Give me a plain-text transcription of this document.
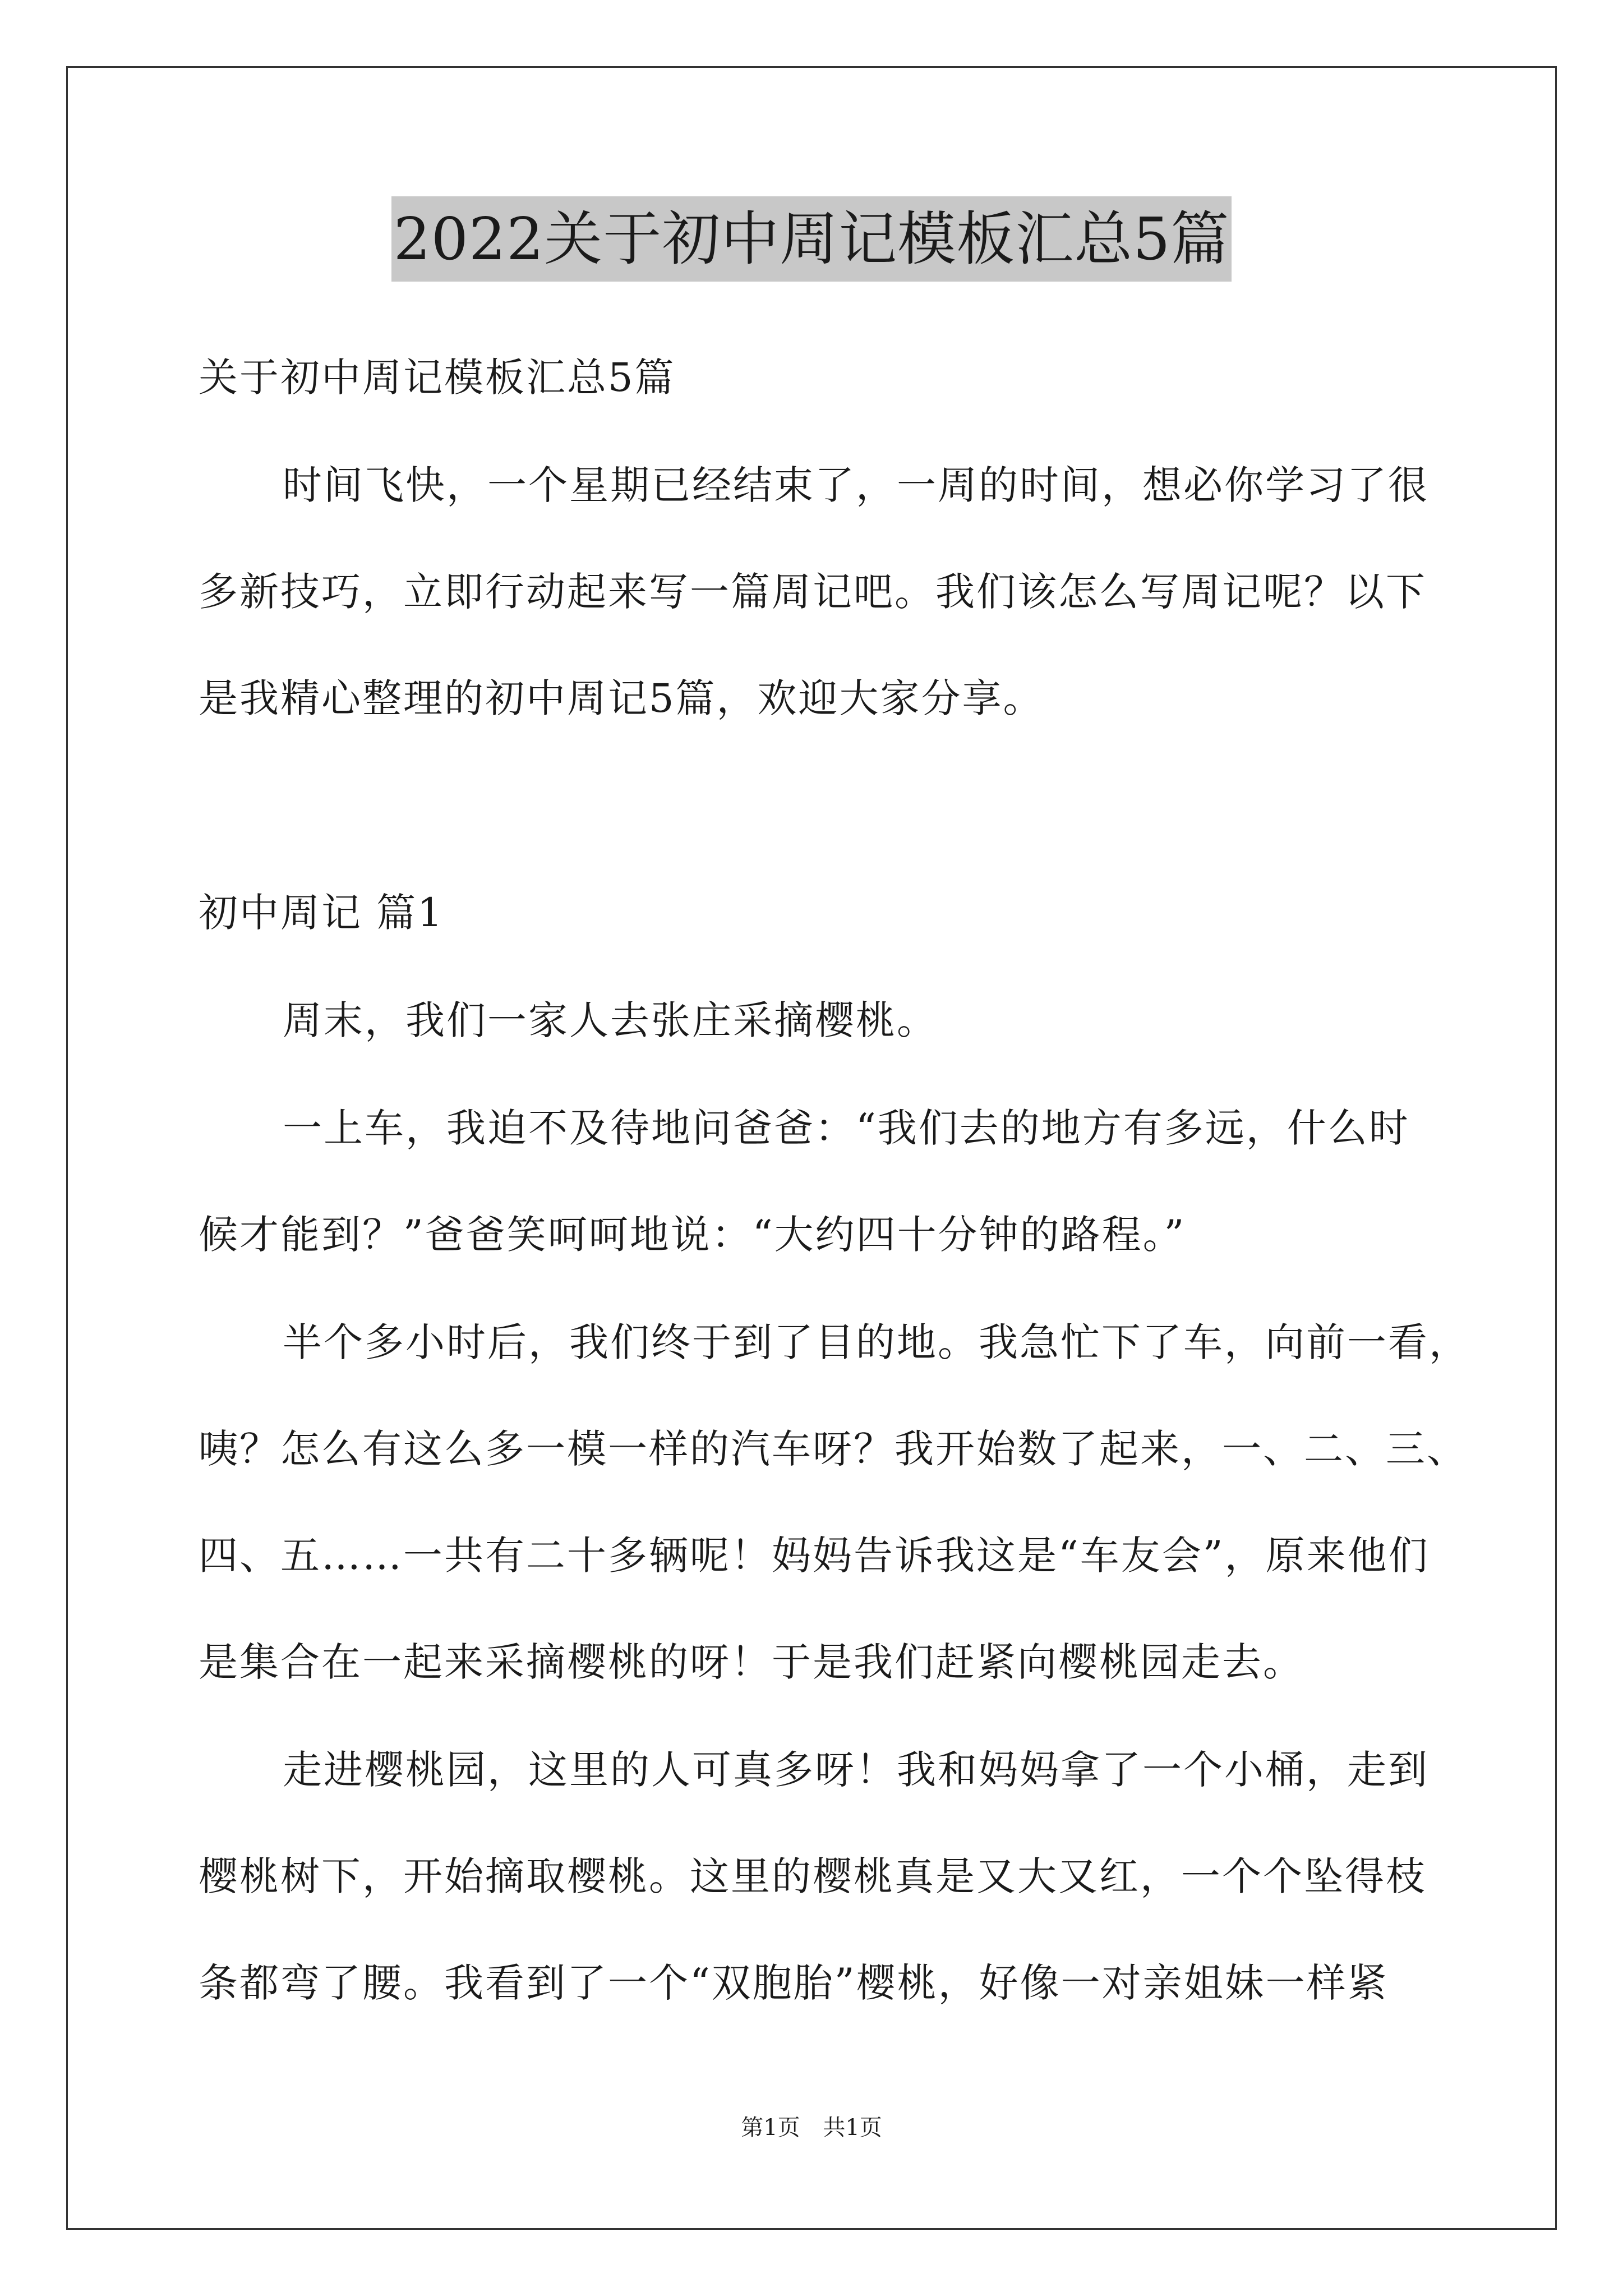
2022关于初中周记模板汇总5篇
关于初中周记模板汇总5篇
时间飞快，一个星期已经结束了，一周的时间，想必你学习了很
多新技巧，立即行动起来写一篇周记吧。我们该怎么写周记呢？以下
是我精心整理的初中周记5篇，欢迎大家分享。
初中周记 篇1
周末，我们一家人去张庄采摘樱桃。
一上车，我迫不及待地问爸爸：“我们去的地方有多远，什么时
候才能到？”爸爸笑呵呵地说：“大约四十分钟的路程。”
半个多小时后，我们终于到了目的地。我急忙下了车，向前一看，
咦？怎么有这么多一模一样的汽车呀？我开始数了起来，一、二、三、
四、五……一共有二十多辆呢！妈妈告诉我这是“车友会”，原来他们
是集合在一起来采摘樱桃的呀！于是我们赶紧向樱桃园走去。
走进樱桃园，这里的人可真多呀！我和妈妈拿了一个小桶，走到
樱桃树下，开始摘取樱桃。这里的樱桃真是又大又红，一个个坠得枝
条都弯了腰。我看到了一个“双胞胎”樱桃，好像一对亲姐妹一样紧
第1页 共1页
